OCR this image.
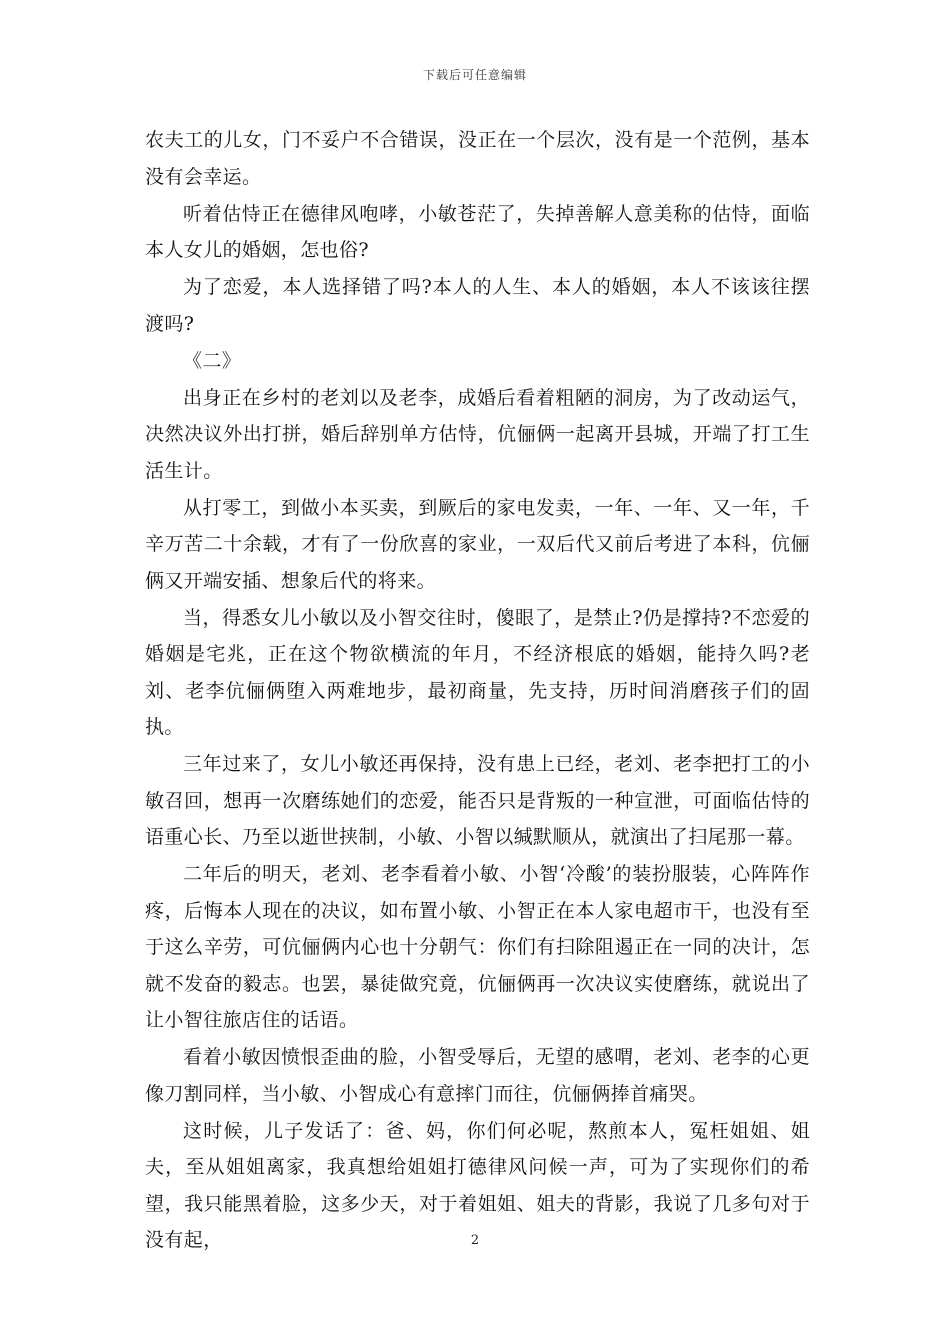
下载后可任意编辑

农夫工的儿女，门不妥户不合错误，没正在一个层次，没有是一个范例，基本没有会幸运。

听着估恃正在德律风咆哮，小敏苍茫了，失掉善解人意美称的估恃，面临本人女儿的婚姻，怎也俗?

为了恋爱，本人选择错了吗?本人的人生、本人的婚姻，本人不该该往摆渡吗?

《二》

出身正在乡村的老刘以及老李，成婚后看着粗陋的洞房，为了改动运气，决然决议外出打拼，婚后辞别单方估恃，伉俪俩一起离开县城，开端了打工生活生计。

从打零工，到做小本买卖，到厥后的家电发卖，一年、一年、又一年，千辛万苦二十余载，才有了一份欣喜的家业，一双后代又前后考进了本科，伉俪俩又开端安插、想象后代的将来。

当，得悉女儿小敏以及小智交往时，傻眼了，是禁止?仍是撑持?不恋爱的婚姻是宅兆，正在这个物欲横流的年月，不经济根底的婚姻，能持久吗?老刘、老李伉俪俩堕入两难地步，最初商量，先支持，历时间消磨孩子们的固执。

三年过来了，女儿小敏还再保持，没有患上已经，老刘、老李把打工的小敏召回，想再一次磨练她们的恋爱，能否只是背叛的一种宣泄，可面临估恃的语重心长、乃至以逝世挟制，小敏、小智以缄默顺从，就演出了扫尾那一幕。

二年后的明天，老刘、老李看着小敏、小智‘冷酸’的装扮服装，心阵阵作疼，后悔本人现在的决议，如布置小敏、小智正在本人家电超市干，也没有至于这么辛劳，可伉俪俩内心也十分朝气：你们有扫除阻遏正在一同的决计，怎就不发奋的毅志。也罢，暴徒做究竟，伉俪俩再一次决议实使磨练，就说出了让小智往旅店住的话语。

看着小敏因愤恨歪曲的脸，小智受辱后，无望的感喟，老刘、老李的心更像刀割同样，当小敏、小智成心有意摔门而往，伉俪俩捧首痛哭。

这时候，儿子发话了：爸、妈，你们何必呢，熬煎本人，冤枉姐姐、姐夫，至从姐姐离家，我真想给姐姐打德律风问候一声，可为了实现你们的希望，我只能黑着脸，这多少天，对于着姐姐、姐夫的背影，我说了几多句对于没有起，	2
